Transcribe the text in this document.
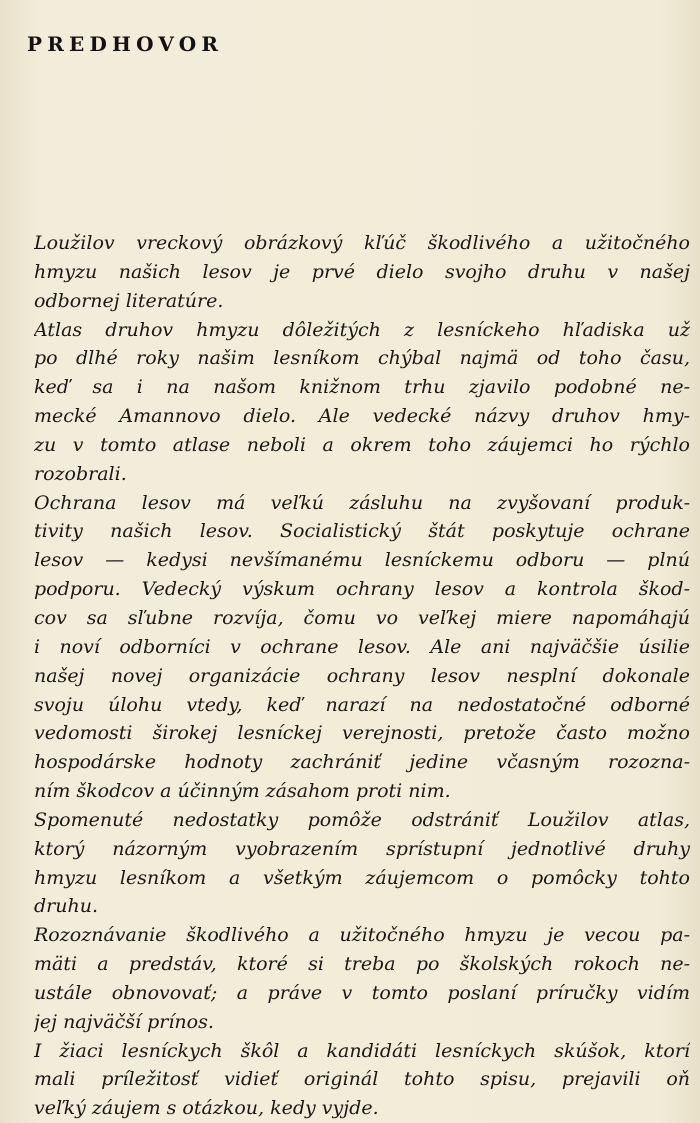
PREDHOVOR
Loužilov vreckový obrázkový kľúč škodlivého a užitočného
hmyzu našich lesov je prvé dielo svojho druhu v našej
odbornej literatúre.
Atlas druhov hmyzu dôležitých z lesníckeho hľadiska už
po dlhé roky našim lesníkom chýbal najmä od toho času,
keď sa i na našom knižnom trhu zjavilo podobné ne-
mecké Amannovo dielo. Ale vedecké názvy druhov hmy-
zu v tomto atlase neboli a okrem toho záujemci ho rýchlo
rozobrali.
Ochrana lesov má veľkú zásluhu na zvyšovaní produk-
tivity našich lesov. Socialistický štát poskytuje ochrane
lesov — kedysi nevšímanému lesníckemu odboru — plnú
podporu. Vedecký výskum ochrany lesov a kontrola škod-
cov sa sľubne rozvíja, čomu vo veľkej miere napomáhajú
i noví odborníci v ochrane lesov. Ale ani najväčšie úsilie
našej novej organizácie ochrany lesov nesplní dokonale
svoju úlohu vtedy, keď narazí na nedostatočné odborné
vedomosti širokej lesníckej verejnosti, pretože často možno
hospodárske hodnoty zachrániť jedine včasným rozozna-
ním škodcov a účinným zásahom proti nim.
Spomenuté nedostatky pomôže odstrániť Loužilov atlas,
ktorý názorným vyobrazením sprístupní jednotlivé druhy
hmyzu lesníkom a všetkým záujemcom o pomôcky tohto
druhu.
Rozoznávanie škodlivého a užitočného hmyzu je vecou pa-
mäti a predstáv, ktoré si treba po školských rokoch ne-
ustále obnovovať; a práve v tomto poslaní príručky vidím
jej najväčší prínos.
I žiaci lesníckych škôl a kandidáti lesníckych skúšok, ktorí
mali príležitosť vidieť originál tohto spisu, prejavili oň
veľký záujem s otázkou, kedy vyjde.
